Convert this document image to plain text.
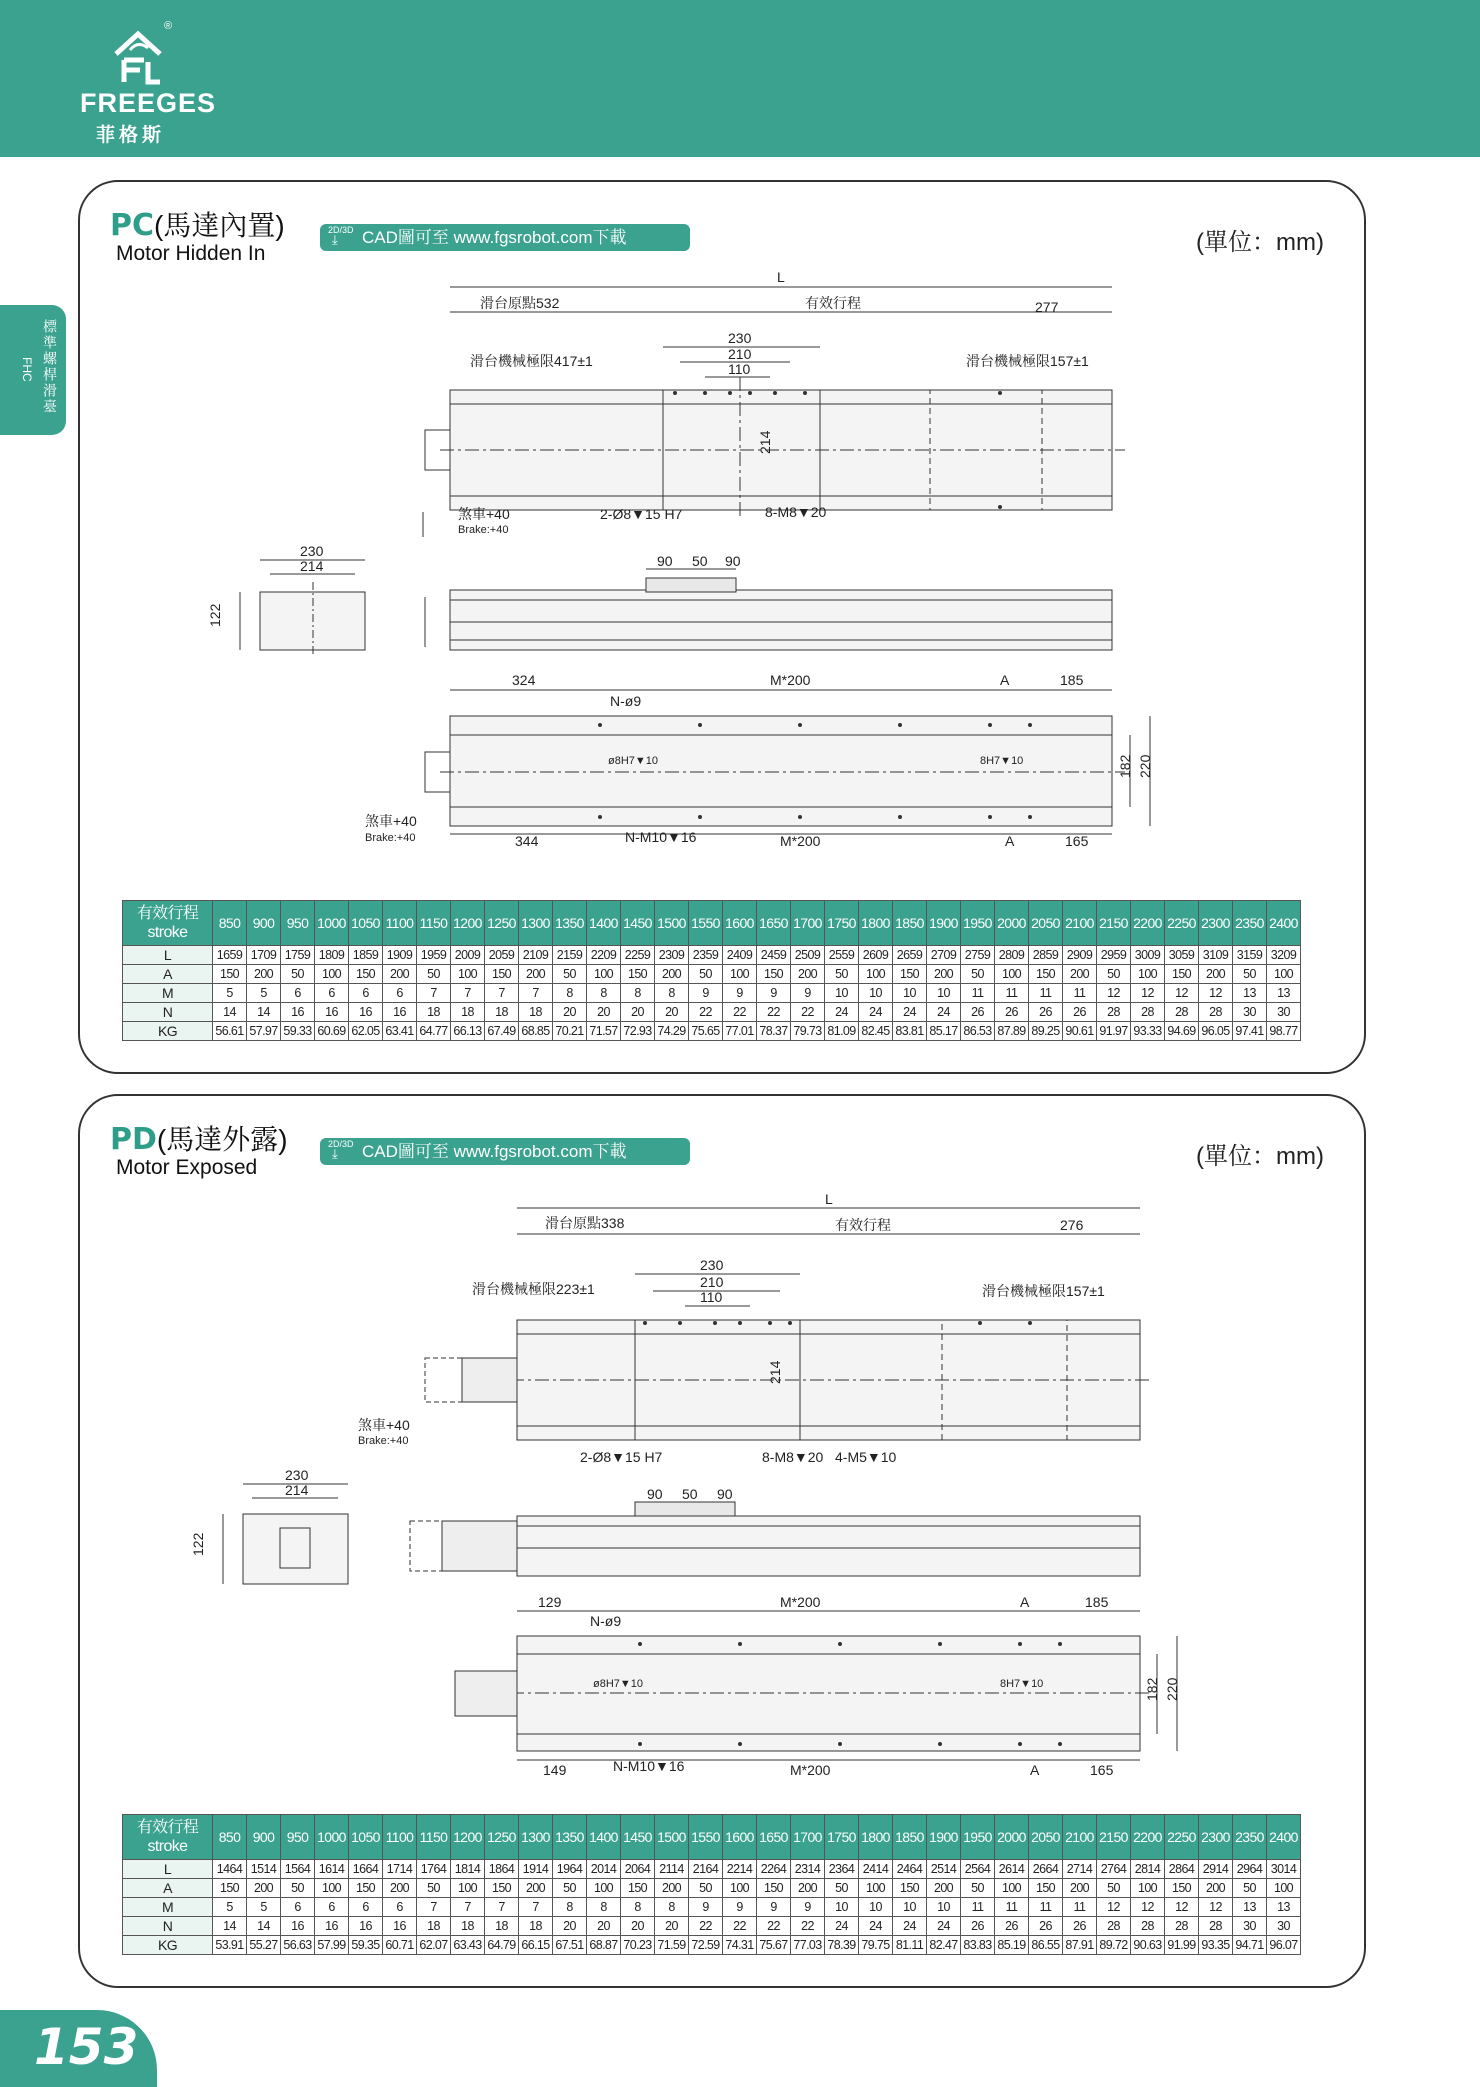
®
FREEGES
菲格斯
標準螺桿滑臺
FHC
PC(馬達內置)
Motor Hidden In
2D/3D
⤓ CAD圖可至 www.fgsrobot.com下載	(單位：mm)
L
滑台原點532	有效行程	277
230
210
110
滑台機械極限417±1	滑台機械極限157±1
214
煞車+40
Brake:+40
2-Ø8▼15 H7	8-M8▼20
230
214
122
90 50 90
324	M*200	A	185
N-ø9
ø8H7▼10	8H7▼10	182 220
煞車+40
Brake:+40	344	N-M10▼16	M*200	A	165
有效行程
stroke	850	900	950	1000	1050	1100	1150	1200	1250	1300	1350	1400	1450	1500	1550	1600	1650	1700	1750	1800	1850	1900	1950	2000	2050	2100	2150	2200	2250	2300	2350	2400
L	1659	1709	1759	1809	1859	1909	1959	2009	2059	2109	2159	2209	2259	2309	2359	2409	2459	2509	2559	2609	2659	2709	2759	2809	2859	2909	2959	3009	3059	3109	3159	3209
A	150	200	50	100	150	200	50	100	150	200	50	100	150	200	50	100	150	200	50	100	150	200	50	100	150	200	50	100	150	200	50	100
M	5	5	6	6	6	6	7	7	7	7	8	8	8	8	9	9	9	9	10	10	10	10	11	11	11	11	12	12	12	12	13	13
N	14	14	16	16	16	16	18	18	18	18	20	20	20	20	22	22	22	22	24	24	24	24	26	26	26	26	28	28	28	28	30	30
KG	56.61	57.97	59.33	60.69	62.05	63.41	64.77	66.13	67.49	68.85	70.21	71.57	72.93	74.29	75.65	77.01	78.37	79.73	81.09	82.45	83.81	85.17	86.53	87.89	89.25	90.61	91.97	93.33	94.69	96.05	97.41	98.77
PD(馬達外露)
Motor Exposed
2D/3D
⤓ CAD圖可至 www.fgsrobot.com下載	(單位：mm)
L
滑台原點338	有效行程	276
230
210
110
滑台機械極限223±1	滑台機械極限157±1
214
煞車+40
Brake:+40
2-Ø8▼15 H7	8-M8▼20 4-M5▼10
230
214
122
90 50 90
129	M*200	A	185
N-ø9
ø8H7▼10	8H7▼10	182 220
149	N-M10▼16	M*200	A	165
有效行程
stroke	850	900	950	1000	1050	1100	1150	1200	1250	1300	1350	1400	1450	1500	1550	1600	1650	1700	1750	1800	1850	1900	1950	2000	2050	2100	2150	2200	2250	2300	2350	2400
L	1464	1514	1564	1614	1664	1714	1764	1814	1864	1914	1964	2014	2064	2114	2164	2214	2264	2314	2364	2414	2464	2514	2564	2614	2664	2714	2764	2814	2864	2914	2964	3014
A	150	200	50	100	150	200	50	100	150	200	50	100	150	200	50	100	150	200	50	100	150	200	50	100	150	200	50	100	150	200	50	100
M	5	5	6	6	6	6	7	7	7	7	8	8	8	8	9	9	9	9	10	10	10	10	11	11	11	11	12	12	12	12	13	13
N	14	14	16	16	16	16	18	18	18	18	20	20	20	20	22	22	22	22	24	24	24	24	26	26	26	26	28	28	28	28	30	30
KG	53.91	55.27	56.63	57.99	59.35	60.71	62.07	63.43	64.79	66.15	67.51	68.87	70.23	71.59	72.59	74.31	75.67	77.03	78.39	79.75	81.11	82.47	83.83	85.19	86.55	87.91	89.72	90.63	91.99	93.35	94.71	96.07
153
